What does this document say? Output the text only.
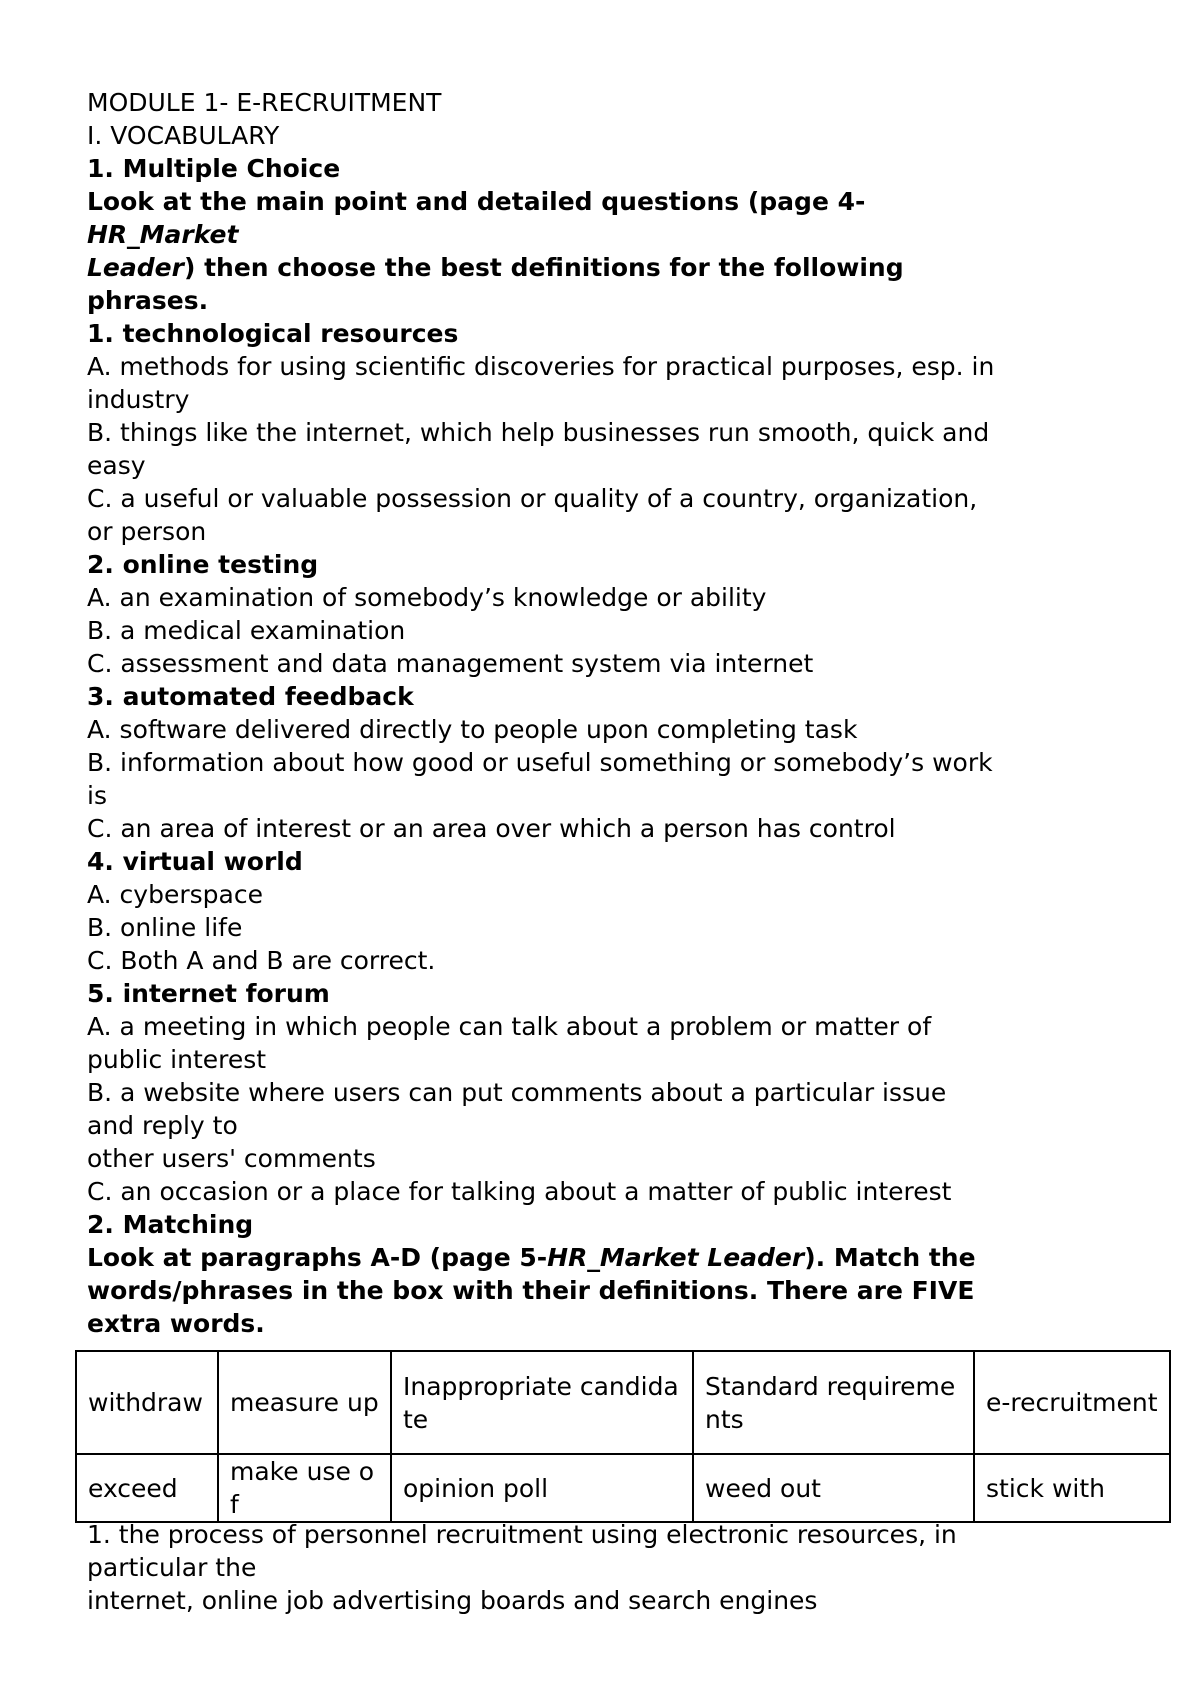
MODULE 1- E-RECRUITMENT
I. VOCABULARY
1. Multiple Choice
Look at the main point and detailed questions (page 4-
HR_Market
Leader) then choose the best definitions for the following
phrases.
1. technological resources
A. methods for using scientific discoveries for practical purposes, esp. in
industry
B. things like the internet, which help businesses run smooth, quick and
easy
C. a useful or valuable possession or quality of a country, organization,
or person
2. online testing
A. an examination of somebody’s knowledge or ability
B. a medical examination
C. assessment and data management system via internet
3. automated feedback
A. software delivered directly to people upon completing task
B. information about how good or useful something or somebody’s work
is
C. an area of interest or an area over which a person has control
4. virtual world
A. cyberspace
B. online life
C. Both A and B are correct.
5. internet forum
A. a meeting in which people can talk about a problem or matter of
public interest
B. a website where users can put comments about a particular issue
and reply to
other users' comments
C. an occasion or a place for talking about a matter of public interest
2. Matching
Look at paragraphs A-D (page 5-HR_Market Leader). Match the
words/phrases in the box with their definitions. There are FIVE
extra words.
withdraw	measure up	Inappropriate candidate	Standard requirements	e-recruitment
exceed	make use of	opinion poll	weed out	stick with
1. the process of personnel recruitment using electronic resources, in
particular the
internet, online job advertising boards and search engines
